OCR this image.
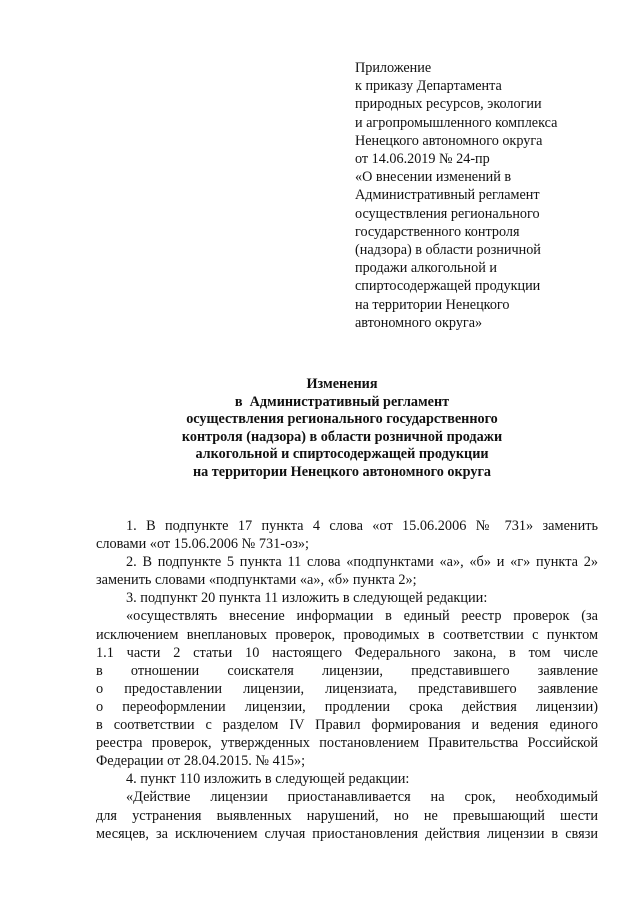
Приложение
к приказу Департамента
природных ресурсов, экологии
и агропромышленного комплекса
Ненецкого автономного округа
от 14.06.2019 № 24-пр
«О внесении изменений в
Административный регламент
осуществления регионального
государственного контроля
(надзора) в области розничной
продажи алкогольной и
спиртосодержащей продукции
на территории Ненецкого
автономного округа»
Изменения
в  Административный регламент
осуществления регионального государственного
контроля (надзора) в области розничной продажи
алкогольной и спиртосодержащей продукции
на территории Ненецкого автономного округа
1. В подпункте 17 пункта 4 слова «от 15.06.2006 № 731» заменить
словами «от 15.06.2006 № 731-оз»;
2. В подпункте 5 пункта 11 слова «подпунктами «а», «б» и «г» пункта 2»
заменить словами «подпунктами «а», «б» пункта 2»;
3. подпункт 20 пункта 11 изложить в следующей редакции:
«осуществлять внесение информации в единый реестр проверок (за
исключением внеплановых проверок, проводимых в соответствии с пунктом
1.1 части 2 статьи 10 настоящего Федерального закона, в том числе
в отношении соискателя лицензии, представившего заявление
о предоставлении лицензии, лицензиата, представившего заявление
о переоформлении лицензии, продлении срока действия лицензии)
в соответствии с разделом IV Правил формирования и ведения единого
реестра проверок, утвержденных постановлением Правительства Российской
Федерации от 28.04.2015. № 415»;
4. пункт 110 изложить в следующей редакции:
«Действие лицензии приостанавливается на срок, необходимый
для устранения выявленных нарушений, но не превышающий шести
месяцев, за исключением случая приостановления действия лицензии в связи
